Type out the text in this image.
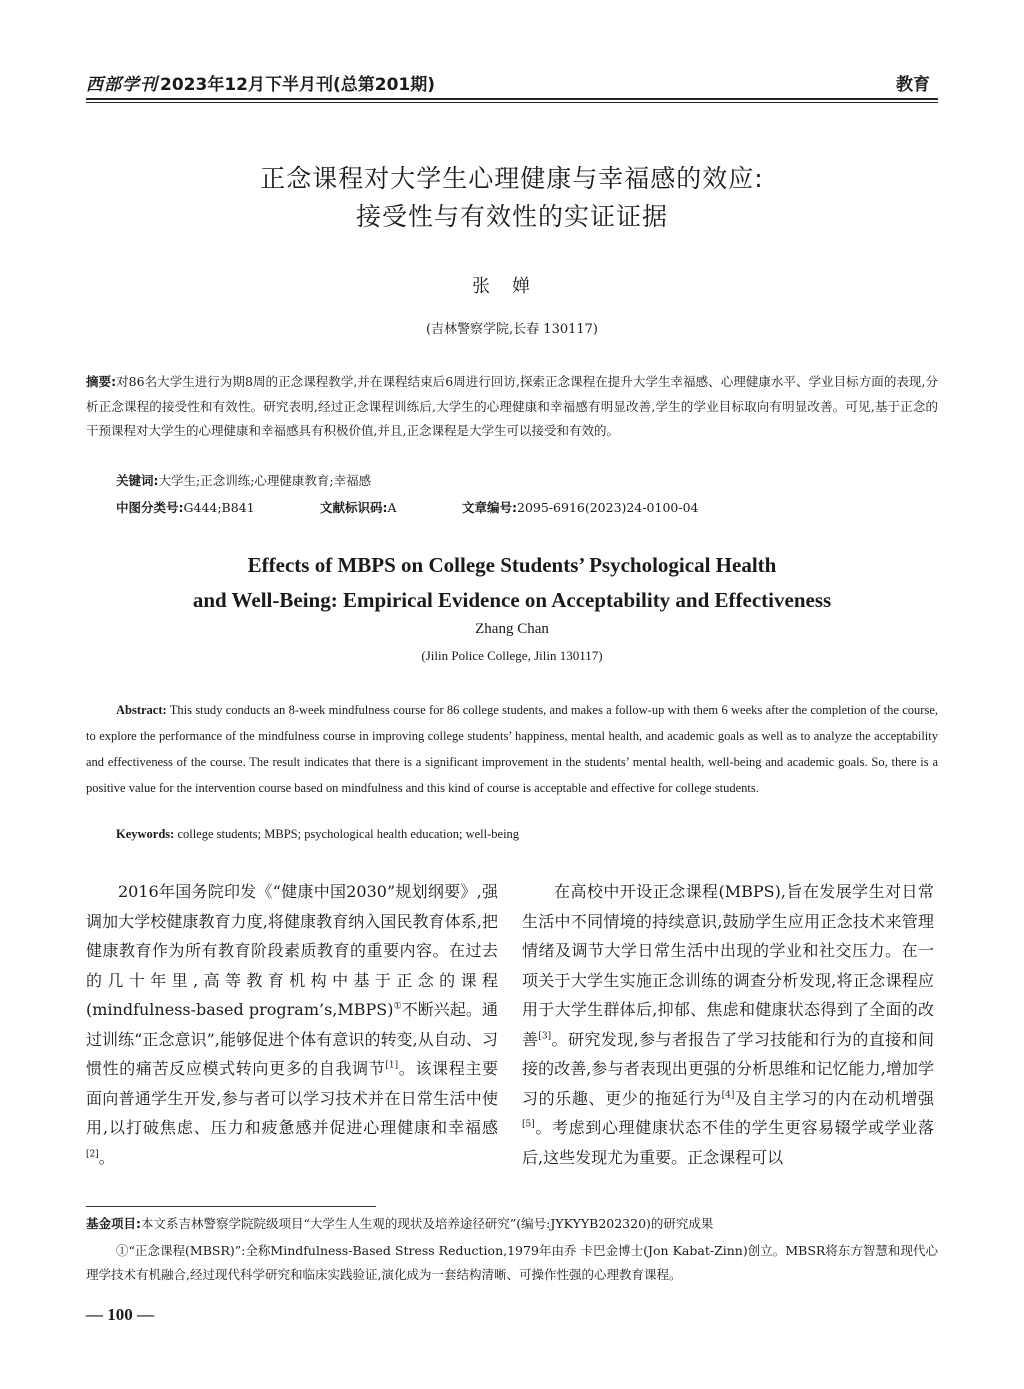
西部学刊 2023年12月下半月刊(总第201期)	教育
正念课程对大学生心理健康与幸福感的效应:
接受性与有效性的实证证据
张婵
(吉林警察学院,长春 130117)

摘要:对86名大学生进行为期8周的正念课程教学,并在课程结束后6周进行回访,探索正念课程在提升大学生幸福感、心理健康水平、学业目标方面的表现,分析正念课程的接受性和有效性。研究表明,经过正念课程训练后,大学生的心理健康和幸福感有明显改善,学生的学业目标取向有明显改善。可见,基于正念的干预课程对大学生的心理健康和幸福感具有积极价值,并且,正念课程是大学生可以接受和有效的。

关键词:大学生;正念训练;心理健康教育;幸福感
中图分类号:G444;B841	文献标识码:A	文章编号:2095-6916(2023)24-0100-04
Effects of MBPS on College Students’ Psychological Health
and Well-Being: Empirical Evidence on Acceptability and Effectiveness
Zhang Chan
(Jilin Police College, Jilin 130117)

Abstract: This study conducts an 8-week mindfulness course for 86 college students, and makes a follow-up with them 6 weeks after the completion of the course, to explore the performance of the mindfulness course in improving college students’ happiness, mental health, and academic goals as well as to analyze the acceptability and effectiveness of the course. The result indicates that there is a significant improvement in the students’ mental health, well-being and academic goals. So, there is a positive value for the intervention course based on mindfulness and this kind of course is acceptable and effective for college students.

Keywords: college students; MBPS; psychological health education; well-being

2016年国务院印发《“健康中国2030”规划纲要》,强调加大学校健康教育力度,将健康教育纳入国民教育体系,把健康教育作为所有教育阶段素质教育的重要内容。在过去的几十年里,高等教育机构中基于正念的课程(mindfulness-based program’s,MBPS)①不断兴起。通过训练“正念意识”,能够促进个体有意识的转变,从自动、习惯性的痛苦反应模式转向更多的自我调节[1]。该课程主要面向普通学生开发,参与者可以学习技术并在日常生活中使用,以打破焦虑、压力和疲惫感并促进心理健康和幸福感[2]。

在高校中开设正念课程(MBPS),旨在发展学生对日常生活中不同情境的持续意识,鼓励学生应用正念技术来管理情绪及调节大学日常生活中出现的学业和社交压力。在一项关于大学生实施正念训练的调查分析发现,将正念课程应用于大学生群体后,抑郁、焦虑和健康状态得到了全面的改善[3]。研究发现,参与者报告了学习技能和行为的直接和间接的改善,参与者表现出更强的分析思维和记忆能力,增加学习的乐趣、更少的拖延行为[4]及自主学习的内在动机增强[5]。考虑到心理健康状态不佳的学生更容易辍学或学业落后,这些发现尤为重要。正念课程可以

基金项目:本文系吉林警察学院院级项目“大学生人生观的现状及培养途径研究”(编号:JYKYYB202320)的研究成果

①“正念课程(MBSR)”:全称Mindfulness-Based Stress Reduction,1979年由乔 卡巴金博士(Jon Kabat-Zinn)创立。MBSR将东方智慧和现代心理学技术有机融合,经过现代科学研究和临床实践验证,演化成为一套结构清晰、可操作性强的心理教育课程。

— 100 —
